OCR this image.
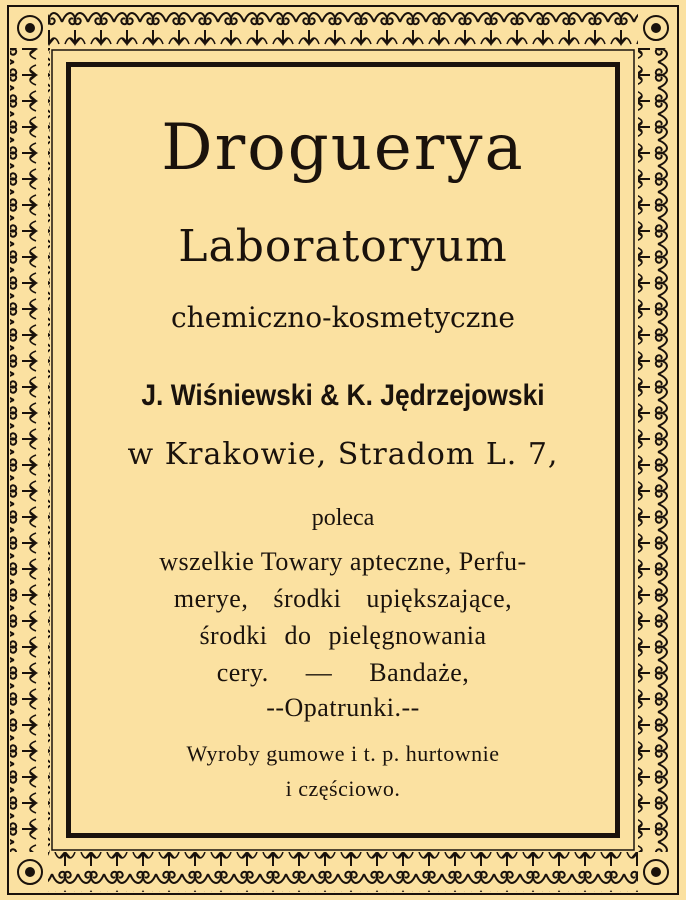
Droguerya
Laboratoryum
chemiczno-kosmetyczne
J. Wiśniewski & K. Jędrzejowski
w Krakowie, Stradom L. 7,
poleca
wszelkie Towary apteczne, Perfu-
merye, środki upiększające,
środki do pielęgnowania
cery. — Bandaże,
--Opatrunki.--
Wyroby gumowe i t. p. hurtownie
i częściowo.
